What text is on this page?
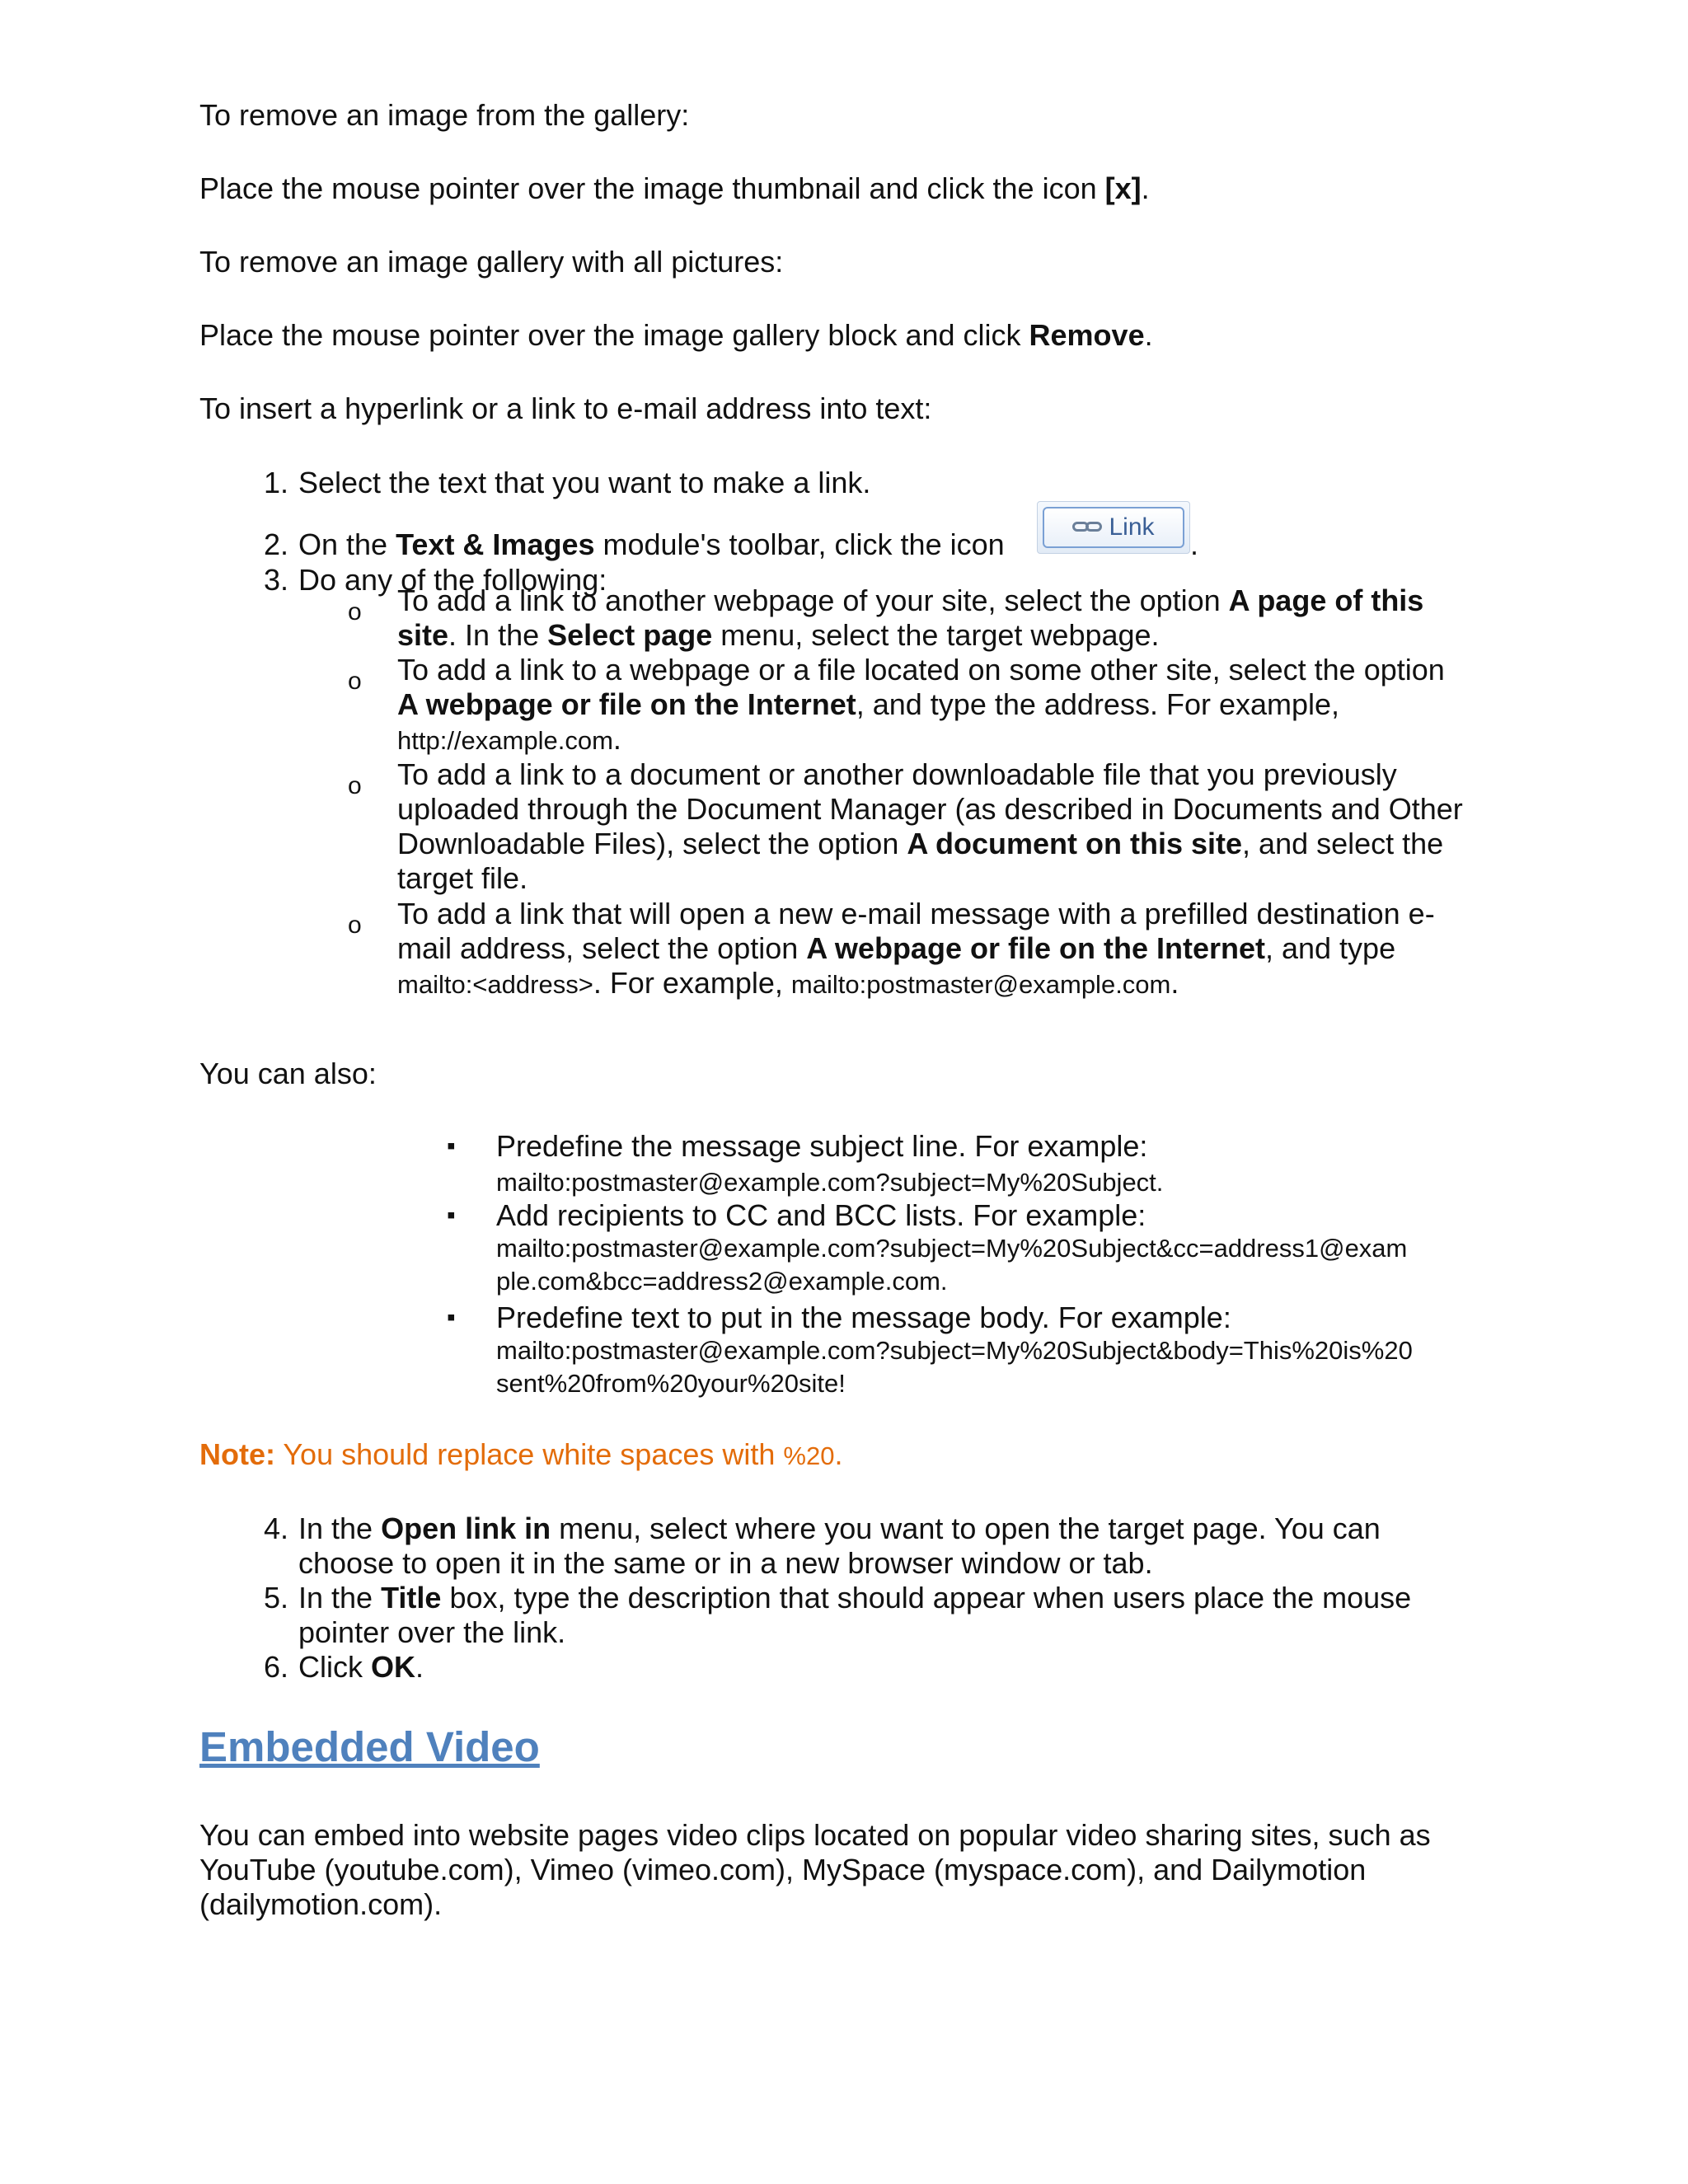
To remove an image from the gallery:

Place the mouse pointer over the image thumbnail and click the icon [x].

To remove an image gallery with all pictures:

Place the mouse pointer over the image gallery block and click Remove.

To insert a hyperlink or a link to e-mail address into text:

1. Select the text that you want to make a link.
2. On the Text & Images module's toolbar, click the icon	.
Link
3. Do any of the following:
o To add a link to another webpage of your site, select the option A page of this
site. In the Select page menu, select the target webpage.
o To add a link to a webpage or a file located on some other site, select the option
A webpage or file on the Internet, and type the address. For example,
http://example.com.
o To add a link to a document or another downloadable file that you previously
uploaded through the Document Manager (as described in Documents and Other
Downloadable Files), select the option A document on this site, and select the
target file.
o To add a link that will open a new e-mail message with a prefilled destination e-
mail address, select the option A webpage or file on the Internet, and type
mailto:<address>. For example, mailto:postmaster@example.com.

You can also:

▪ Predefine the message subject line. For example:
mailto:postmaster@example.com?subject=My%20Subject.
▪ Add recipients to CC and BCC lists. For example:
mailto:postmaster@example.com?subject=My%20Subject&cc=address1@exam
ple.com&bcc=address2@example.com.
▪ Predefine text to put in the message body. For example:
mailto:postmaster@example.com?subject=My%20Subject&body=This%20is%20
sent%20from%20your%20site!

Note: You should replace white spaces with %20.

4. In the Open link in menu, select where you want to open the target page. You can
choose to open it in the same or in a new browser window or tab.
5. In the Title box, type the description that should appear when users place the mouse
pointer over the link.
6. Click OK.
Embedded Video

You can embed into website pages video clips located on popular video sharing sites, such as

YouTube (youtube.com), Vimeo (vimeo.com), MySpace (myspace.com), and Dailymotion

(dailymotion.com).
